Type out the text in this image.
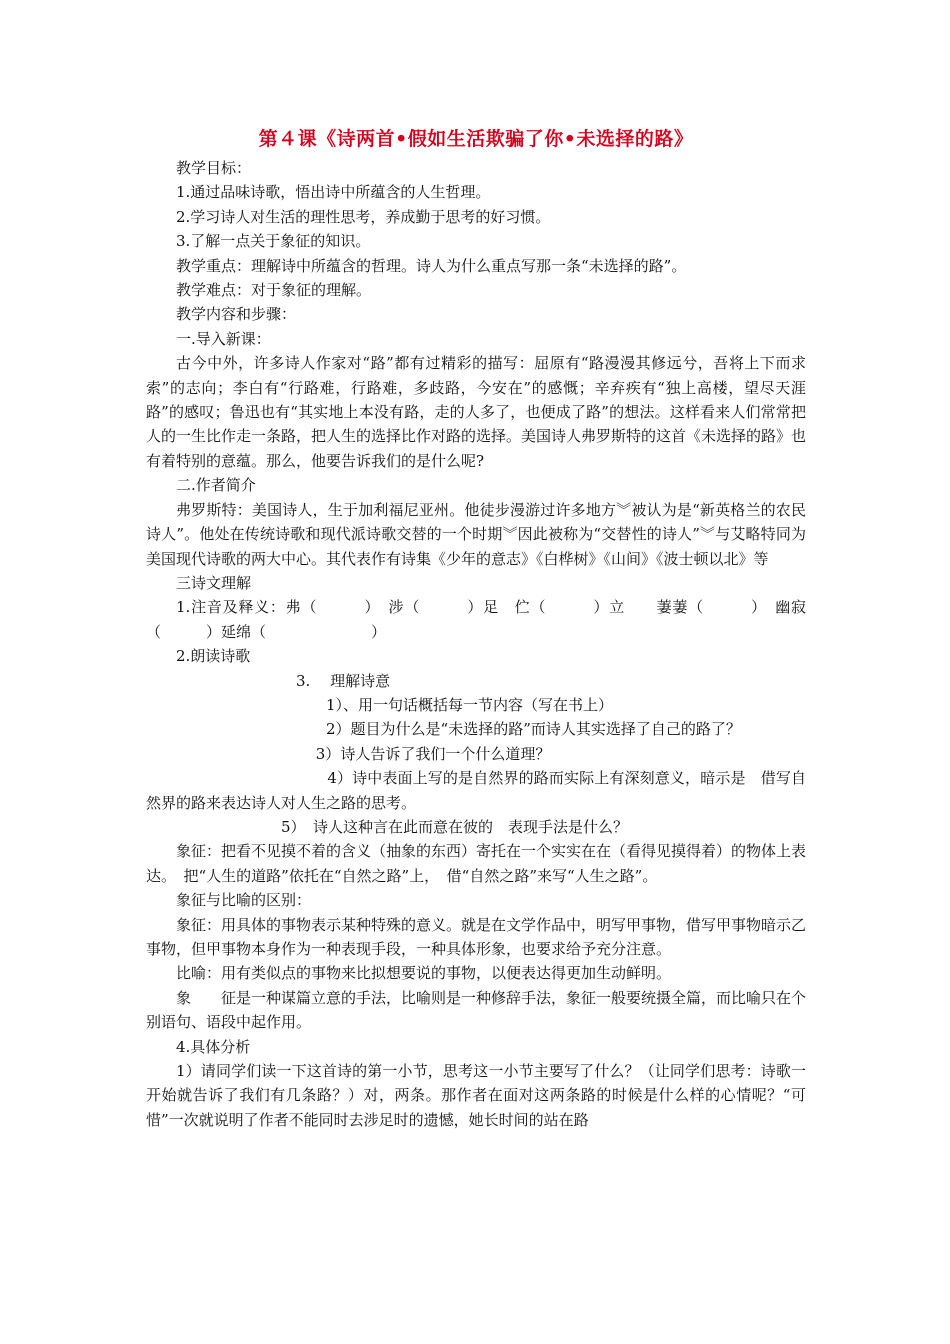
第４课《诗两首•假如生活欺骗了你•未选择的路》

教学目标：

1.通过品味诗歌，悟出诗中所蕴含的人生哲理。

2.学习诗人对生活的理性思考，养成勤于思考的好习惯。

3.了解一点关于象征的知识。

教学重点：理解诗中所蕴含的哲理。诗人为什么重点写那一条“未选择的路”。

教学难点：对于象征的理解。

教学内容和步骤：

一.导入新课：

古今中外，许多诗人作家对“路”都有过精彩的描写：屈原有“路漫漫其修远兮，吾将上下而求索”的志向；李白有“行路难，行路难，多歧路，今安在”的感慨；辛弃疾有“独上高楼，望尽天涯路”的感叹；鲁迅也有“其实地上本没有路，走的人多了，也便成了路”的想法。这样看来人们常常把人的一生比作走一条路，把人生的选择比作对路的选择。美国诗人弗罗斯特的这首《未选择的路》也有着特别的意蕴。那么，他要告诉我们的是什么呢?

二.作者简介

弗罗斯特：美国诗人，生于加利福尼亚州。他徒步漫游过许多地方︾被认为是“新英格兰的农民诗人”。他处在传统诗歌和现代派诗歌交替的一个时期︾因此被称为“交替性的诗人”︾与艾略特同为美国现代诗歌的两大中心。其代表作有诗集《少年的意志》《白桦树》《山间》《波士顿以北》等

三诗文理解

1.注音及释义：弗（　　　）　涉（　　　）足　伫（　　　）立　　萋萋（　　　）　幽寂（　　　）延绵（　　　　　　　）

2.朗读诗歌

　　　　　　　　3.　 理解诗意

　　　　　　　　　　1）、用一句话概括每一节内容（写在书上）

　　　　　　　　　　2）题目为什么是“未选择的路”而诗人其实选择了自己的路了？

　　　　　　　　　 3）诗人告诉了我们一个什么道理？

　　　　　　　　　　4）诗中表面上写的是自然界的路而实际上有深刻意义，暗示是　借写自然界的路来表达诗人对人生之路的思考。

　　　　　　　5）　诗人这种言在此而意在彼的　表现手法是什么？

象征：把看不见摸不着的含义（抽象的东西）寄托在一个实实在在（看得见摸得着）的物体上表达。　把“人生的道路”依托在“自然之路”上，　借“自然之路”来写“人生之路”。

象征与比喻的区别：

象征：用具体的事物表示某种特殊的意义。就是在文学作品中，明写甲事物，借写甲事物暗示乙事物，但甲事物本身作为一种表现手段，一种具体形象，也要求给予充分注意。

比喻：用有类似点的事物来比拟想要说的事物，以便表达得更加生动鲜明。

象　　征是一种谋篇立意的手法，比喻则是一种修辞手法，象征一般要统摄全篇，而比喻只在个别语句、语段中起作用。

4.具体分析

1）请同学们读一下这首诗的第一小节，思考这一小节主要写了什么？（让同学们思考：诗歌一开始就告诉了我们有几条路？）对，两条。那作者在面对这两条路的时候是什么样的心情呢？“可惜”一次就说明了作者不能同时去涉足时的遗憾，她长时间的站在路
